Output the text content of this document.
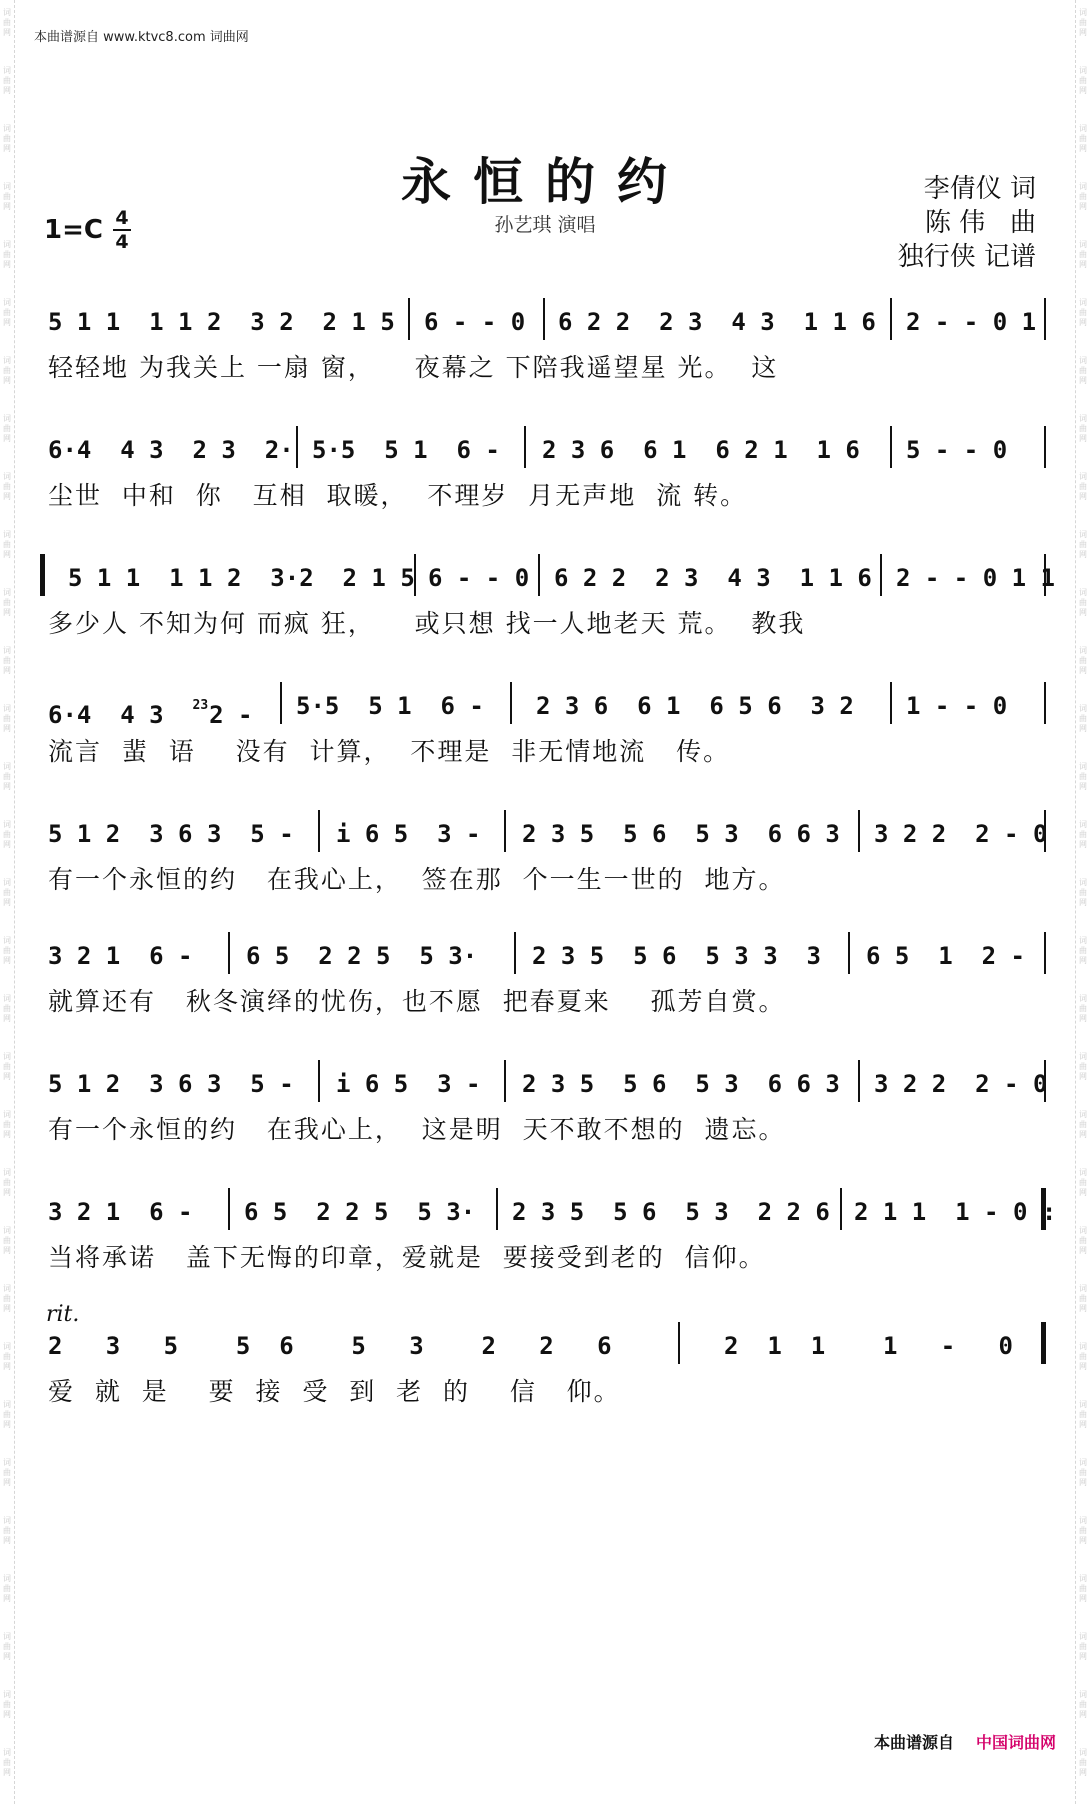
词
曲
网
词
曲
网
词
曲
网
词
曲
网
词
曲
网
词
曲
网
词
曲
网
词
曲
网
词
曲
网
词
曲
网
词
曲
网
词
曲
网
词
曲
网
词
曲
网
词
曲
网
词
曲
网
词
曲
网
词
曲
网
词
曲
网
词
曲
网
词
曲
网
词
曲
网
词
曲
网
词
曲
网
词
曲
网
词
曲
网
词
曲
网
词
曲
网
词
曲
网
词
曲
网
词
曲
网
词
曲
网
词
曲
网
词
曲
网
词
曲
网
词
曲
网
词
曲
网
词
曲
网
词
曲
网
词
曲
网
词
曲
网
词
曲
网
词
曲
网
词
曲
网
词
曲
网
词
曲
网
词
曲
网
词
曲
网
词
曲
网
词
曲
网
词
曲
网
词
曲
网
词
曲
网
词
曲
网
词
曲
网
词
曲
网
词
曲
网
词
曲
网
词
曲
网
词
曲
网
词
曲
网
词
曲
网
本曲谱源自 www.ktvc8.com 词曲网
永恒的约
孙艺琪 演唱
李倩仪 词
陈 伟   曲
独行侠 记谱
$1=C \frac{4}{4}$
5 1 1  1 1 2  3 2  2 1 5 6 - - 0 6 2 2  2 3  4 3  1 1 6 2 - - 0 1
轻轻地 为我关上 一扇 窗，    夜幕之 下陪我遥望星 光。  这
6·4  4 3  2 3  2· 5·5  5 1  6 - 2 3 6  6 1  6 2 1  1 6 5 - - 0
尘世  中和  你   互相  取暖，  不理岁  月无声地  流 转。
5 1 1  1 1 2  3·2  2 1 5 6 - - 0 6 2 2  2 3  4 3  1 1 6 2 - - 0 1 1
多少人 不知为何 而疯 狂，    或只想 找一人地老天 荒。  教我
6·4  4 3  $^{23}$2 - 5·5  5 1  6 - 2 3 6  6 1  6 5 6  3 2 1 - - 0
流言  蜚  语    没有  计算，  不理是  非无情地流   传。
5 1 2  3 6 3  5 - i 6 5  3 - 2 3 5  5 6  5 3  6 6 3 3 2 2  2 - 0
有一个永恒的约   在我心上，  签在那  个一生一世的  地方。
3 2 1  6 - 6 5  2 2 5  5 3· 2 3 5  5 6  5 3 3  3 6 5  1  2 -
就算还有   秋冬演绎的忧伤，也不愿  把春夏来    孤芳自赏。
5 1 2  3 6 3  5 - i 6 5  3 - 2 3 5  5 6  5 3  6 6 3 3 2 2  2 - 0
有一个永恒的约   在我心上，  这是明  天不敢不想的  遗忘。
3 2 1  6 - 6 5  2 2 5  5 3· 2 3 5  5 6  5 3  2 2 6 2 1 1  1 - 0 :
当将承诺   盖下无悔的印章，爱就是  要接受到老的  信仰。
rit.
2   3   5    5  6    5   3    2   2   6	2  1  1    1   -   0
爱  就  是    要  接  受  到  老  的    信   仰。
本曲谱源自 中国词曲网
